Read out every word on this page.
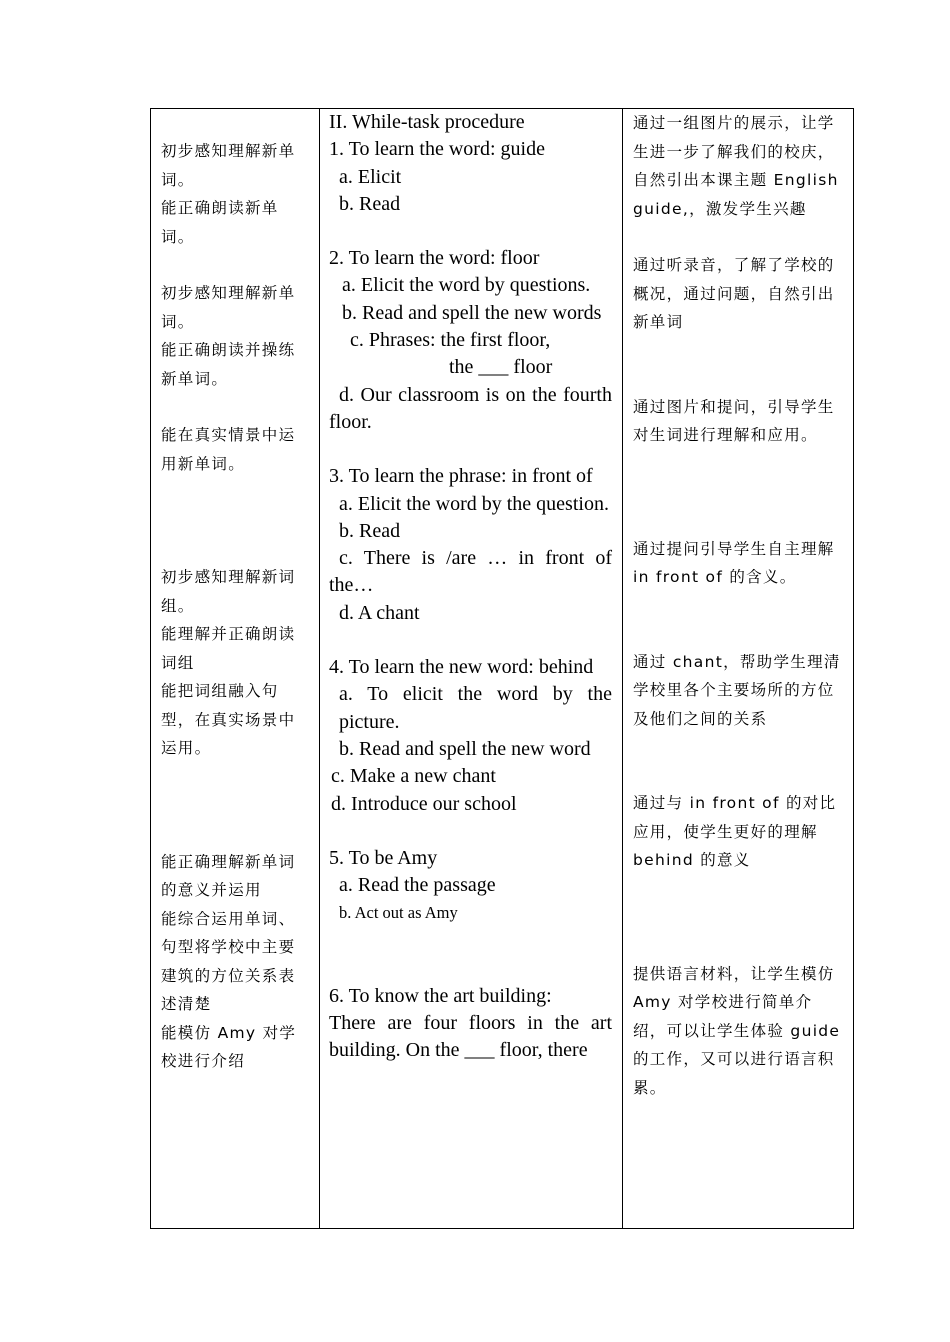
初步感知理解新单词。
能正确朗读新单词。
初步感知理解新单词。
能正确朗读并操练新单词。
能在真实情景中运用新单词。
初步感知理解新词组。
能理解并正确朗读词组
能把词组融入句型，在真实场景中运用。
能正确理解新单词的意义并运用
能综合运用单词、句型将学校中主要建筑的方位关系表述清楚
能模仿 Amy 对学校进行介绍

II. While-task procedure
1. To learn the word: guide
a. Elicit
b. Read
2. To learn the word: floor
a. Elicit the word by questions.
b. Read and spell the new words
c. Phrases: the first floor,
the ___ floor
d. Our classroom is on the fourth floor.
3. To learn the phrase: in front of
a. Elicit the word by the question.
b. Read
c. There is /are … in front of the…
d. A chant
4. To learn the new word: behind
a. To elicit the word by the picture.
b. Read and spell the new word
c. Make a new chant
d. Introduce our school
5. To be Amy
a. Read the passage
b. Act out as Amy
6. To know the art building:
There are four floors in the art building. On the ___ floor, there

通过一组图片的展示，让学生进一步了解我们的校庆，自然引出本课主题 English guide,，激发学生兴趣
通过听录音，了解了学校的概况，通过问题，自然引出新单词
通过图片和提问，引导学生对生词进行理解和应用。
通过提问引导学生自主理解 in front of 的含义。
通过 chant，帮助学生理清学校里各个主要场所的方位及他们之间的关系
通过与 in front of 的对比应用，使学生更好的理解 behind 的意义
提供语言材料，让学生模仿 Amy 对学校进行简单介绍，可以让学生体验 guide 的工作，又可以进行语言积累。
